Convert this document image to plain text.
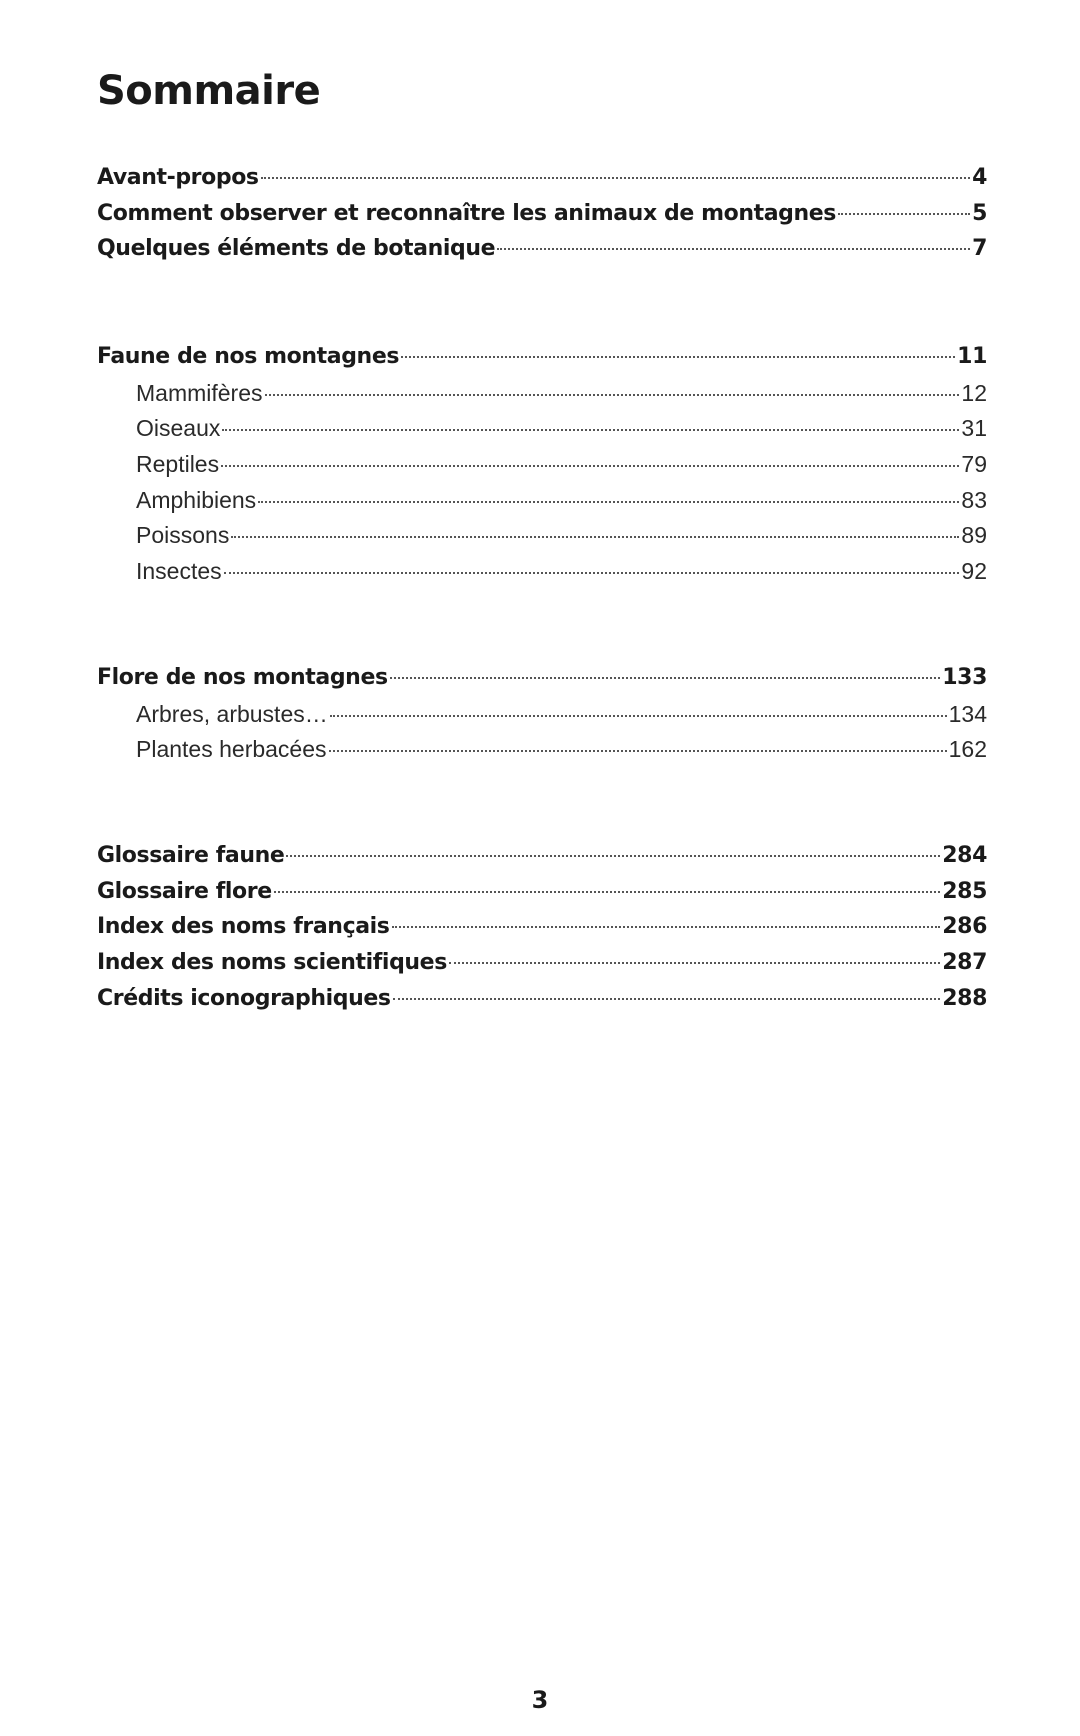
Sommaire
Avant-propos	4
Comment observer et reconnaître les animaux de montagnes	5
Quelques éléments de botanique	7
Faune de nos montagnes	11
Mammifères	12
Oiseaux	31
Reptiles	79
Amphibiens	83
Poissons	89
Insectes	92
Flore de nos montagnes	133
Arbres, arbustes…	134
Plantes herbacées	162
Glossaire faune	284
Glossaire flore	285
Index des noms français	286
Index des noms scientifiques	287
Crédits iconographiques	288
3
